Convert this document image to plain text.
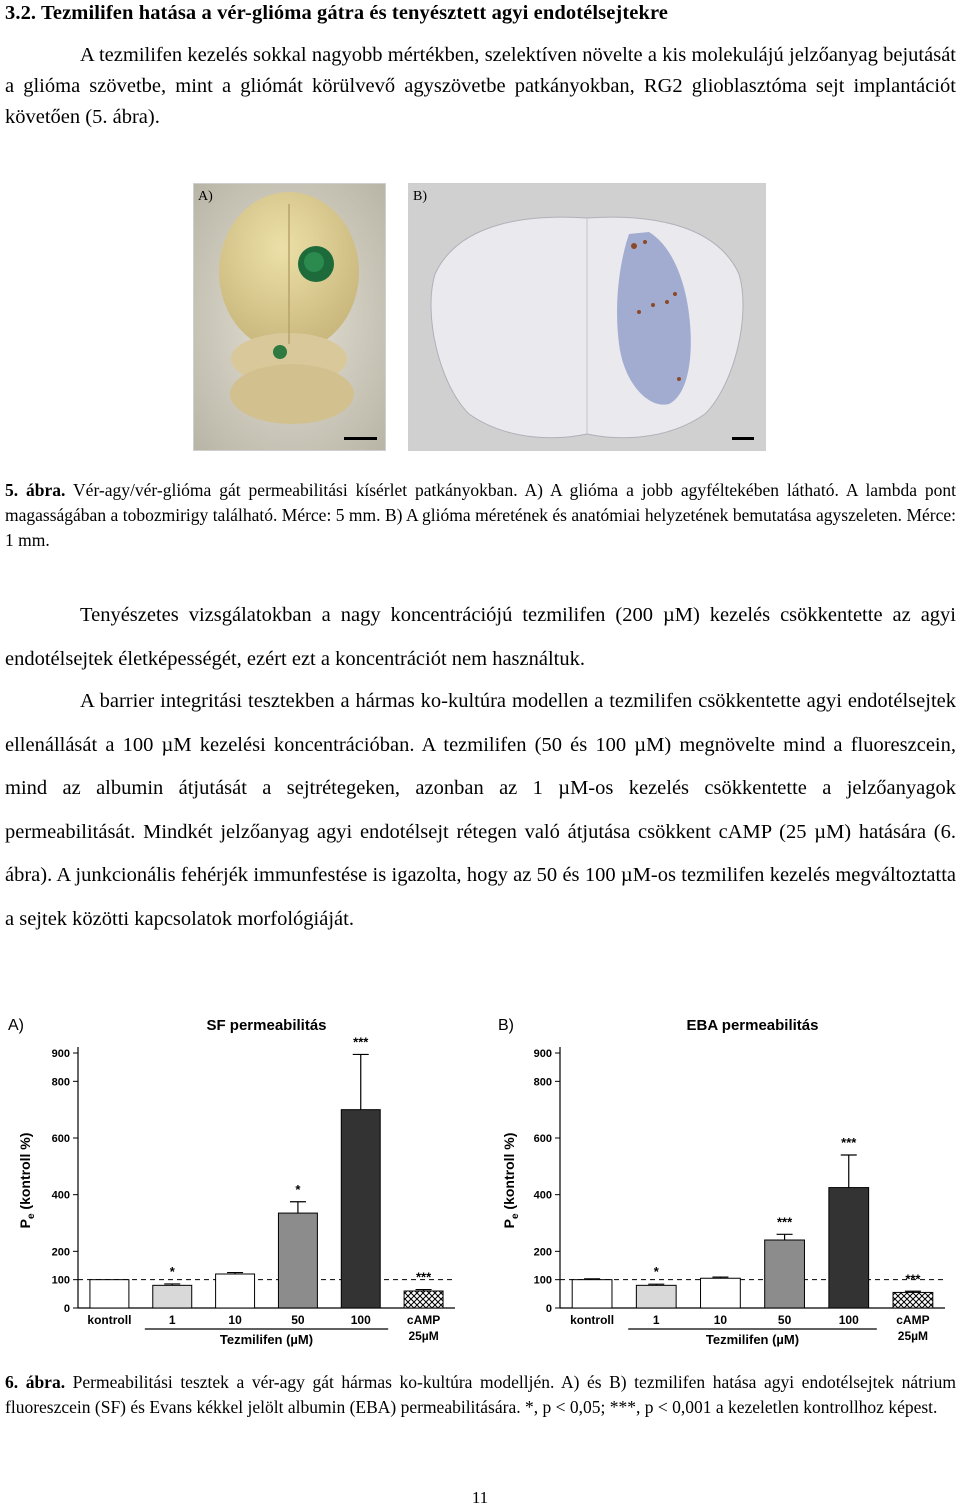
3.2. Tezmilifen hatása a vér-glióma gátra és tenyésztett agyi endotélsejtekre
A tezmilifen kezelés sokkal nagyobb mértékben, szelektíven növelte a kis molekulájú jelzőanyag bejutását a glióma szövetbe, mint a gliómát körülvevő agyszövetbe patkányokban, RG2 glioblasztóma sejt implantációt követően (5. ábra).
A)	B)
5. ábra. Vér-agy/vér-glióma gát permeabilitási kísérlet patkányokban. A) A glióma a jobb agyféltekében látható. A lambda pont magasságában a tobozmirigy található. Mérce: 5 mm. B) A glióma méretének és anatómiai helyzetének bemutatása agyszeleten. Mérce: 1 mm.
Tenyészetes vizsgálatokban a nagy koncentrációjú tezmilifen (200 µM) kezelés csökkentette az agyi endotélsejtek életképességét, ezért ezt a koncentrációt nem használtuk.
A barrier integritási tesztekben a hármas ko-kultúra modellen a tezmilifen csökkentette agyi endotélsejtek ellenállását a 100 µM kezelési koncentrációban. A tezmilifen (50 és 100 µM) megnövelte mind a fluoreszcein, mind az albumin átjutását a sejtrétegeken, azonban az 1 µM-os kezelés csökkentette a jelzőanyagok permeabilitását. Mindkét jelzőanyag agyi endotélsejt rétegen való átjutása csökkent cAMP (25 µM) hatására (6. ábra). A junkcionális fehérjék immunfestése is igazolta, hogy az 50 és 100 µM-os tezmilifen kezelés megváltoztatta a sejtek közötti kapcsolatok morfológiáját.
A)	SF permeabilitás
0
100
200
400
600
800
900
$P_e$ (kontroll %)
kontroll
*
1	10
*
50
***
100
***
cAMP
25µM
Tezmilifen (µM)
B)	EBA permeabilitás
0
100
200
400
600
800
900
$P_e$ (kontroll %)
kontroll
*
1	10
***
50
***
100
***
cAMP
25µM
Tezmilifen (µM)
6. ábra. Permeabilitási tesztek a vér-agy gát hármas ko-kultúra modelljén. A) és B) tezmilifen hatása agyi endotélsejtek nátrium fluoreszcein (SF) és Evans kékkel jelölt albumin (EBA) permeabilitására. *, p < 0,05; ***, p < 0,001 a kezeletlen kontrollhoz képest.
11
